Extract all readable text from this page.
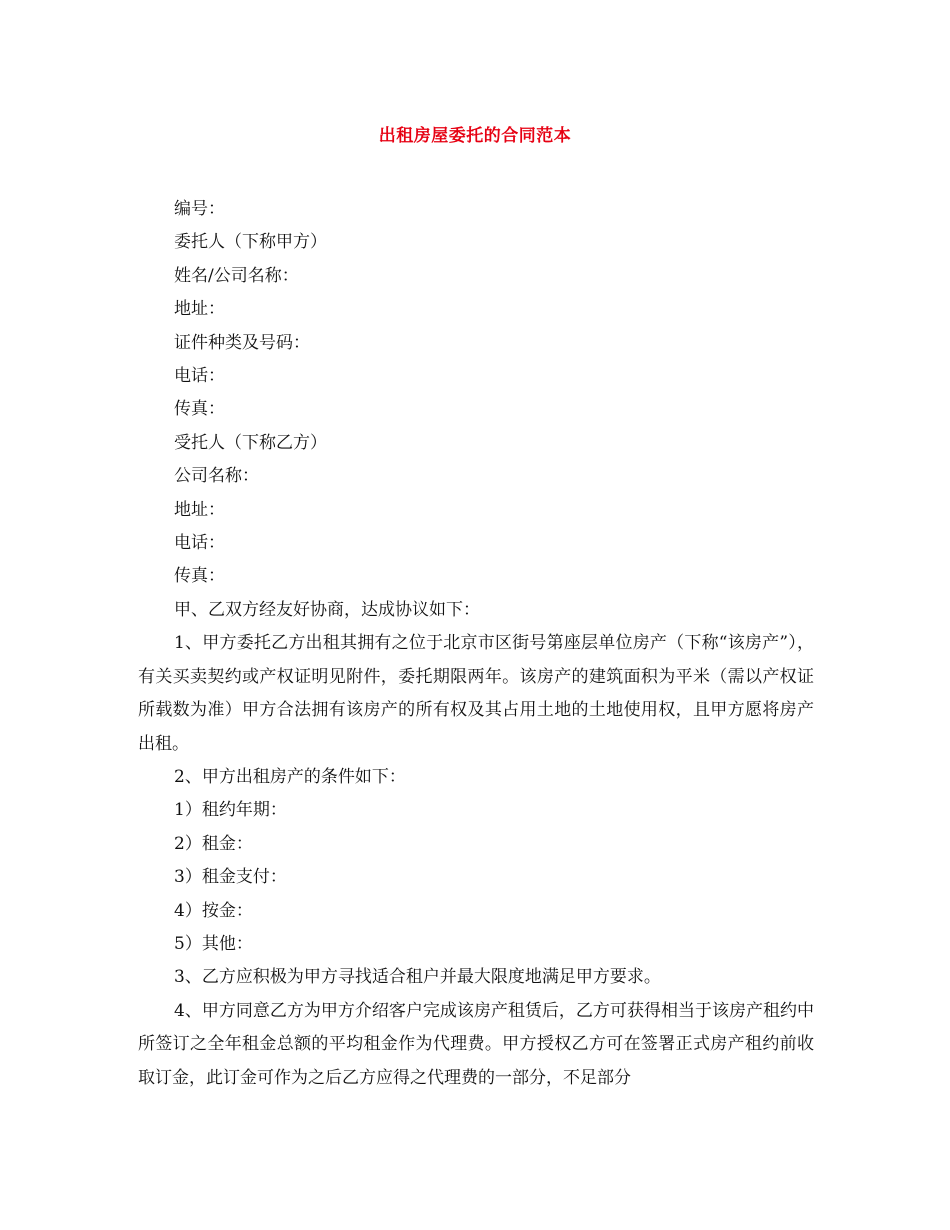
出租房屋委托的合同范本

编号：

委托人（下称甲方）

姓名/公司名称：

地址：

证件种类及号码：

电话：

传真：

受托人（下称乙方）

公司名称：

地址：

电话：

传真：

甲、乙双方经友好协商，达成协议如下：

1、甲方委托乙方出租其拥有之位于北京市区街号第座层单位房产（下称“该房产”），有关买卖契约或产权证明见附件，委托期限两年。该房产的建筑面积为平米（需以产权证所载数为准）甲方合法拥有该房产的所有权及其占用土地的土地使用权，且甲方愿将房产出租。

2、甲方出租房产的条件如下：

1）租约年期：

2）租金：

3）租金支付：

4）按金：

5）其他：

3、乙方应积极为甲方寻找适合租户并最大限度地满足甲方要求。

4、甲方同意乙方为甲方介绍客户完成该房产租赁后，乙方可获得相当于该房产租约中所签订之全年租金总额的平均租金作为代理费。甲方授权乙方可在签署正式房产租约前收取订金，此订金可作为之后乙方应得之代理费的一部分，不足部分
